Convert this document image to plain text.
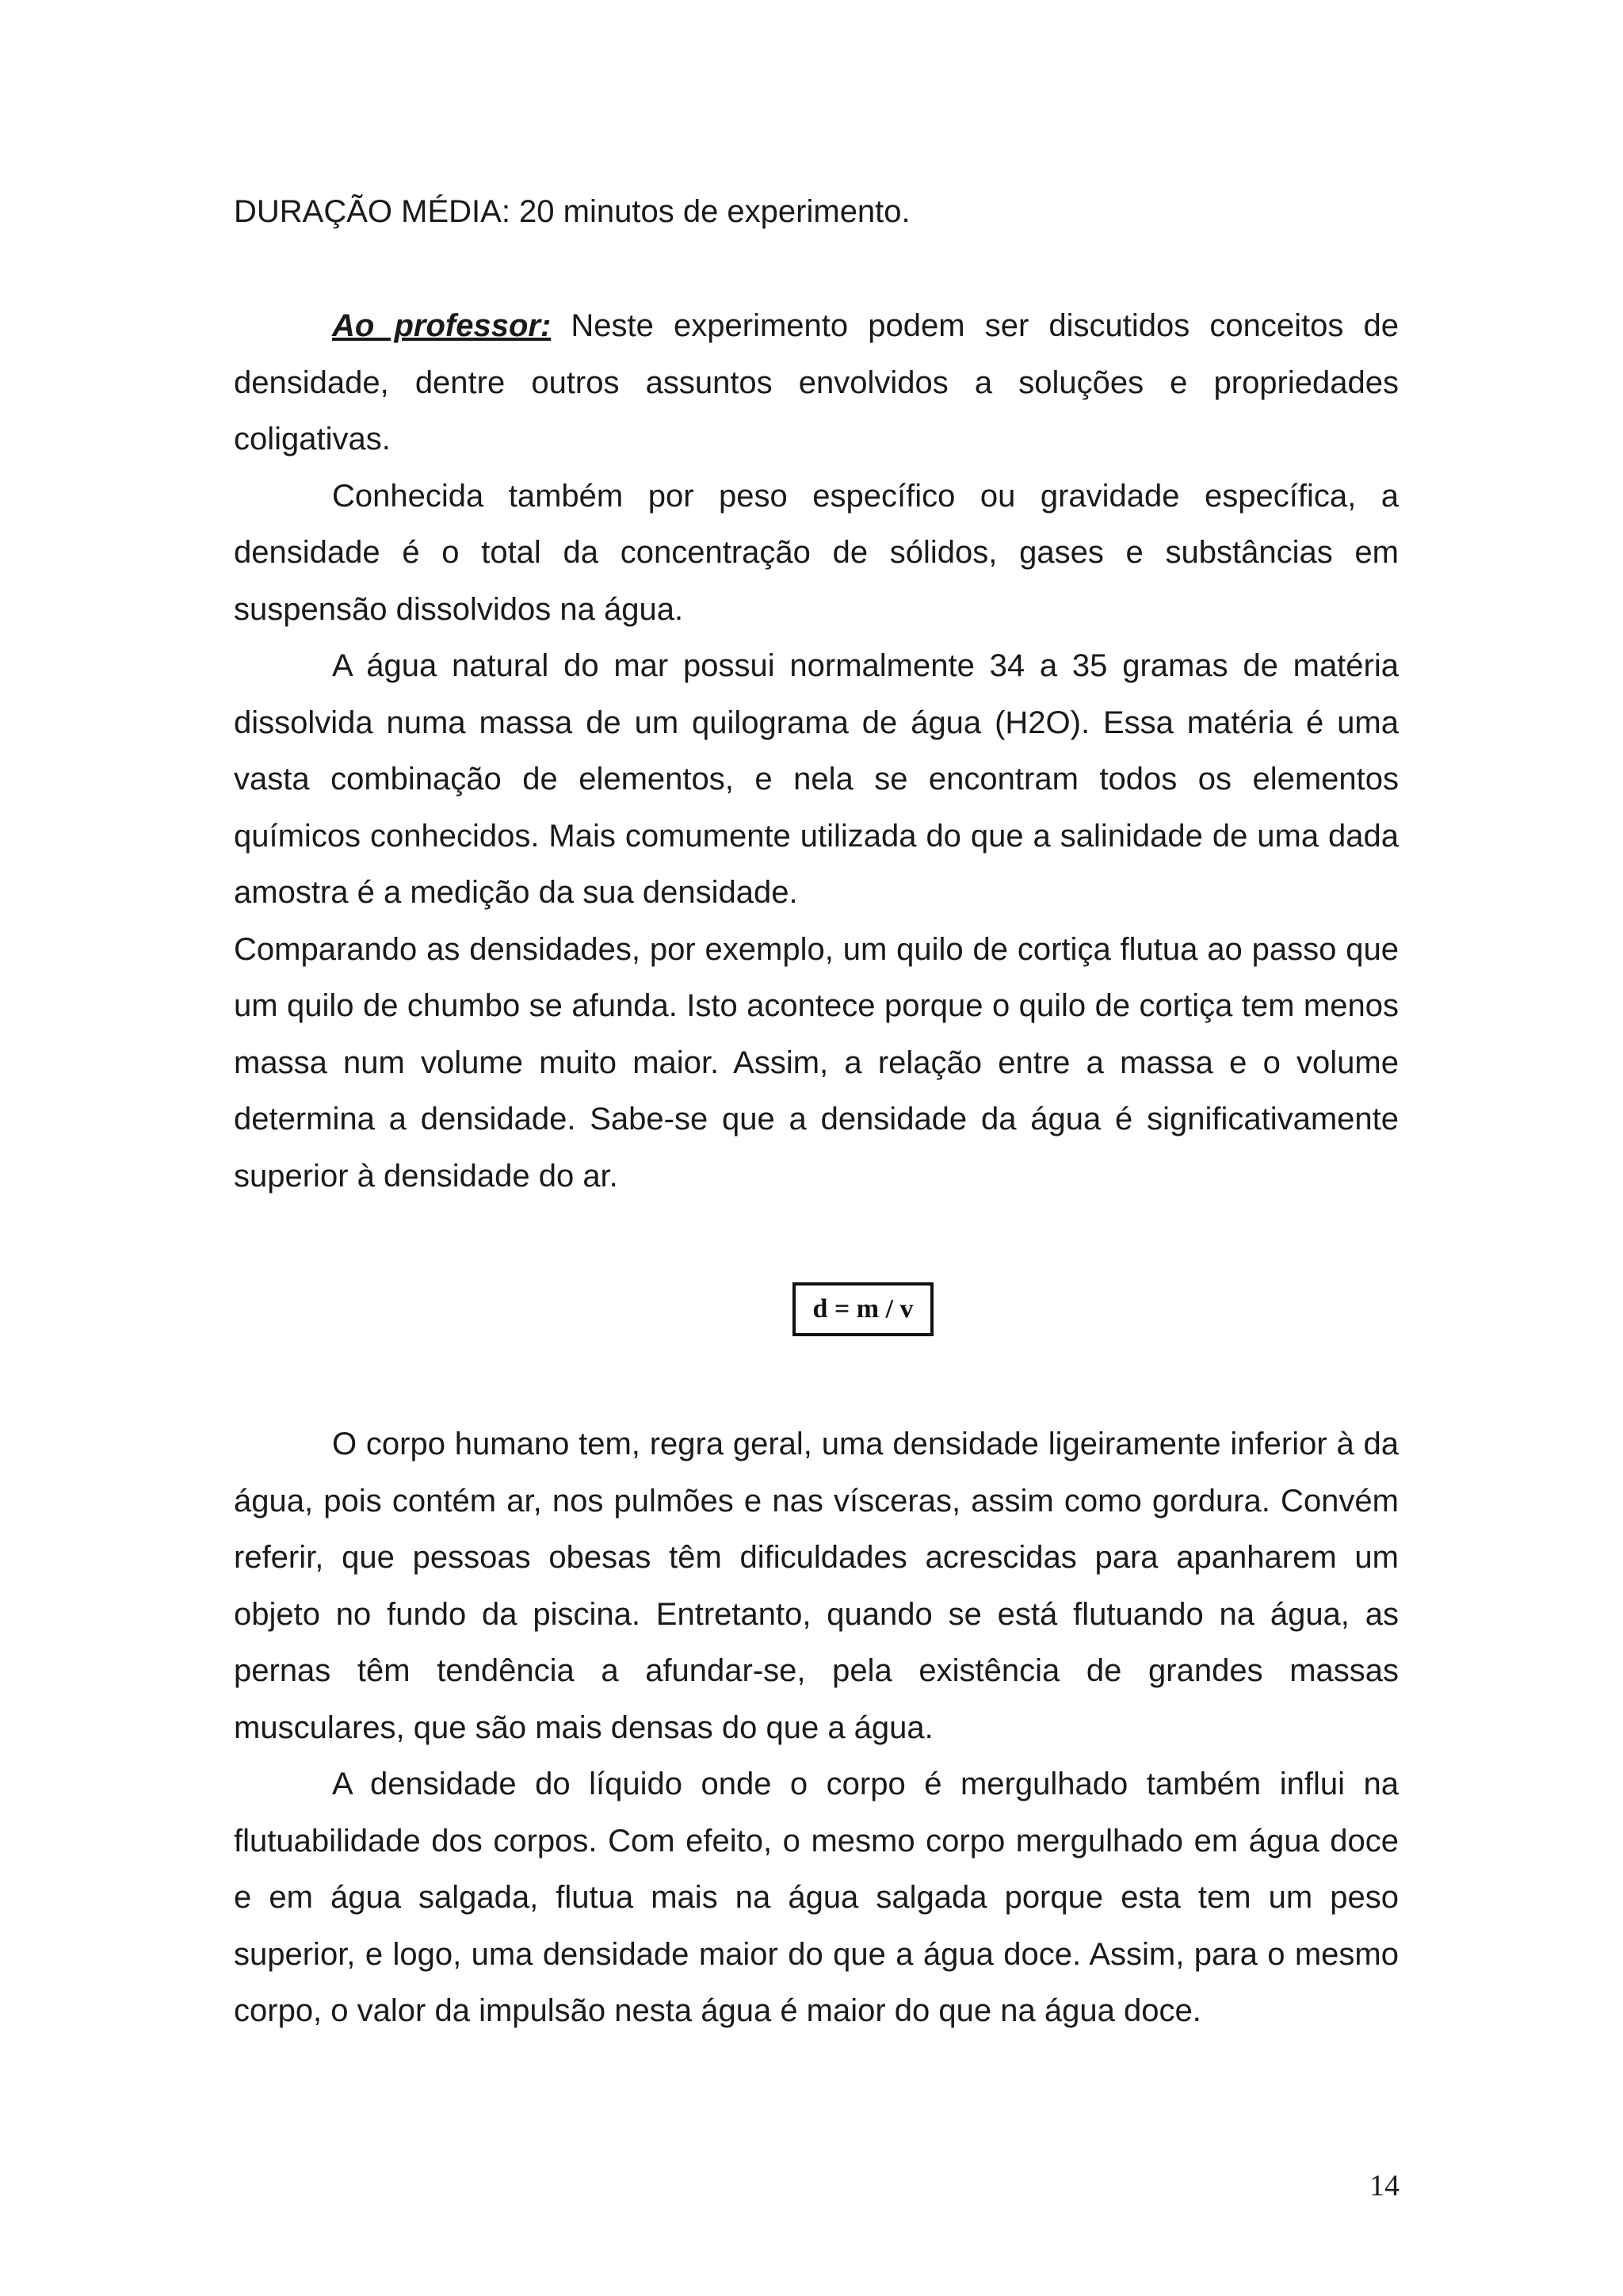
DURAÇÃO MÉDIA: 20 minutos de experimento.

Ao professor: Neste experimento podem ser discutidos conceitos de densidade, dentre outros assuntos envolvidos a soluções e propriedades coligativas.

Conhecida também por peso específico ou gravidade específica, a densidade é o total da concentração de sólidos, gases e substâncias em suspensão dissolvidos na água.

A água natural do mar possui normalmente 34 a 35 gramas de matéria dissolvida numa massa de um quilograma de água (H2O). Essa matéria é uma vasta combinação de elementos, e nela se encontram todos os elementos químicos conhecidos. Mais comumente utilizada do que a salinidade de uma dada amostra é a medição da sua densidade.

Comparando as densidades, por exemplo, um quilo de cortiça flutua ao passo que um quilo de chumbo se afunda. Isto acontece porque o quilo de cortiça tem menos massa num volume muito maior. Assim, a relação entre a massa e o volume determina a densidade. Sabe-se que a densidade da água é significativamente superior à densidade do ar.

d = m / v

O corpo humano tem, regra geral, uma densidade ligeiramente inferior à da água, pois contém ar, nos pulmões e nas vísceras, assim como gordura. Convém referir, que pessoas obesas têm dificuldades acrescidas para apanharem um objeto no fundo da piscina. Entretanto, quando se está flutuando na água, as pernas têm tendência a afundar-se, pela existência de grandes massas musculares, que são mais densas do que a água.

A densidade do líquido onde o corpo é mergulhado também influi na flutuabilidade dos corpos. Com efeito, o mesmo corpo mergulhado em água doce e em água salgada, flutua mais na água salgada porque esta tem um peso superior, e logo, uma densidade maior do que a água doce. Assim, para o mesmo corpo, o valor da impulsão nesta água é maior do que na água doce.

14
